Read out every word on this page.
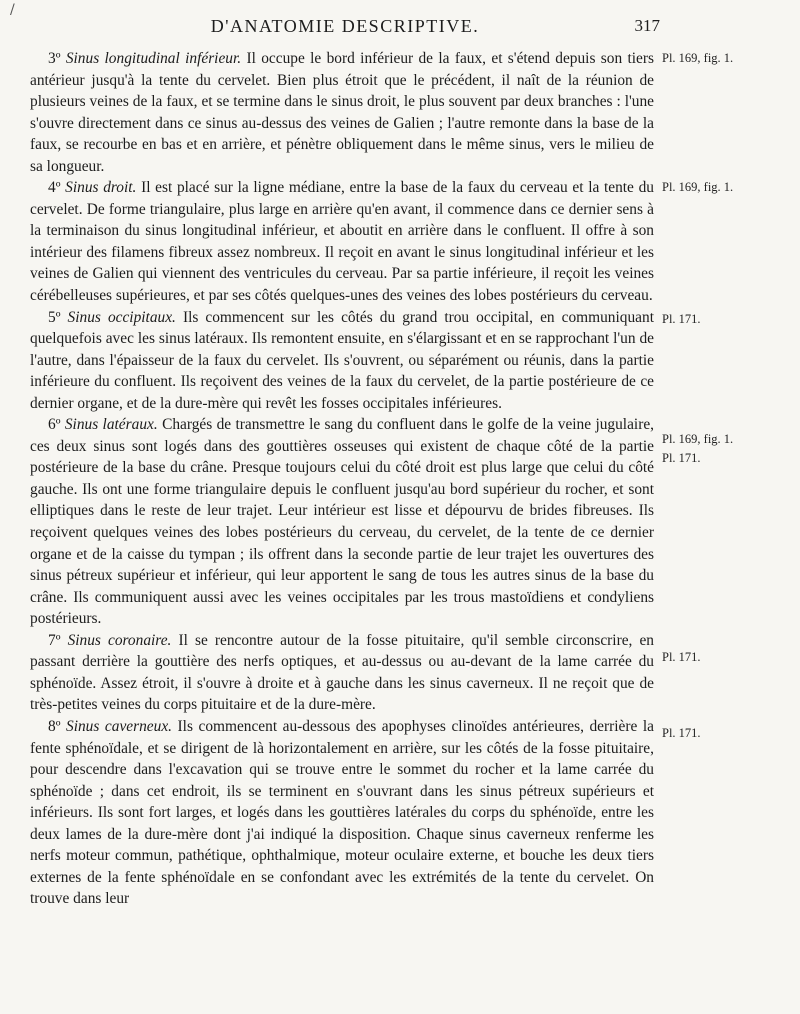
/
D'ANATOMIE DESCRIPTIVE.	317

3º Sinus longitudinal inférieur. Il occupe le bord inférieur de la faux, et s'étend depuis son tiers antérieur jusqu'à la tente du cervelet. Bien plus étroit que le précédent, il naît de la réunion de plusieurs veines de la faux, et se termine dans le sinus droit, le plus souvent par deux branches : l'une s'ouvre directement dans ce sinus au-dessus des veines de Galien ; l'autre remonte dans la base de la faux, se recourbe en bas et en arrière, et pénètre obliquement dans le même sinus, vers le milieu de sa longueur.

4º Sinus droit. Il est placé sur la ligne médiane, entre la base de la faux du cerveau et la tente du cervelet. De forme triangulaire, plus large en arrière qu'en avant, il commence dans ce dernier sens à la terminaison du sinus longitudinal inférieur, et aboutit en arrière dans le confluent. Il offre à son intérieur des filamens fibreux assez nombreux. Il reçoit en avant le sinus longitudinal inférieur et les veines de Galien qui viennent des ventricules du cerveau. Par sa partie inférieure, il reçoit les veines cérébelleuses supérieures, et par ses côtés quelques-unes des veines des lobes postérieurs du cerveau.

5º Sinus occipitaux. Ils commencent sur les côtés du grand trou occipital, en communiquant quelquefois avec les sinus latéraux. Ils remontent ensuite, en s'élargissant et en se rapprochant l'un de l'autre, dans l'épaisseur de la faux du cervelet. Ils s'ouvrent, ou séparément ou réunis, dans la partie inférieure du confluent. Ils reçoivent des veines de la faux du cervelet, de la partie postérieure de ce dernier organe, et de la dure-mère qui revêt les fosses occipitales inférieures.

6º Sinus latéraux. Chargés de transmettre le sang du confluent dans le golfe de la veine jugulaire, ces deux sinus sont logés dans des gouttières osseuses qui existent de chaque côté de la partie postérieure de la base du crâne. Presque toujours celui du côté droit est plus large que celui du côté gauche. Ils ont une forme triangulaire depuis le confluent jusqu'au bord supérieur du rocher, et sont elliptiques dans le reste de leur trajet. Leur intérieur est lisse et dépourvu de brides fibreuses. Ils reçoivent quelques veines des lobes postérieurs du cerveau, du cervelet, de la tente de ce dernier organe et de la caisse du tympan ; ils offrent dans la seconde partie de leur trajet les ouvertures des sinus pétreux supérieur et inférieur, qui leur apportent le sang de tous les autres sinus de la base du crâne. Ils communiquent aussi avec les veines occipitales par les trous mastoïdiens et condyliens postérieurs.

7º Sinus coronaire. Il se rencontre autour de la fosse pituitaire, qu'il semble circonscrire, en passant derrière la gouttière des nerfs optiques, et au-dessus ou au-devant de la lame carrée du sphénoïde. Assez étroit, il s'ouvre à droite et à gauche dans les sinus caverneux. Il ne reçoit que de très-petites veines du corps pituitaire et de la dure-mère.

8º Sinus caverneux. Ils commencent au-dessous des apophyses clinoïdes antérieures, derrière la fente sphénoïdale, et se dirigent de là horizontalement en arrière, sur les côtés de la fosse pituitaire, pour descendre dans l'excavation qui se trouve entre le sommet du rocher et la lame carrée du sphénoïde ; dans cet endroit, ils se terminent en s'ouvrant dans les sinus pétreux supérieurs et inférieurs. Ils sont fort larges, et logés dans les gouttières latérales du corps du sphénoïde, entre les deux lames de la dure-mère dont j'ai indiqué la disposition. Chaque sinus caverneux renferme les nerfs moteur commun, pathétique, ophthalmique, moteur oculaire externe, et bouche les deux tiers externes de la fente sphénoïdale en se confondant avec les extrémités de la tente du cervelet. On trouve dans leur

Pl. 169, fig. 1.
Pl. 169, fig. 1.
Pl. 171.
Pl. 169, fig. 1.
Pl. 171.
Pl. 171.
Pl. 171.
